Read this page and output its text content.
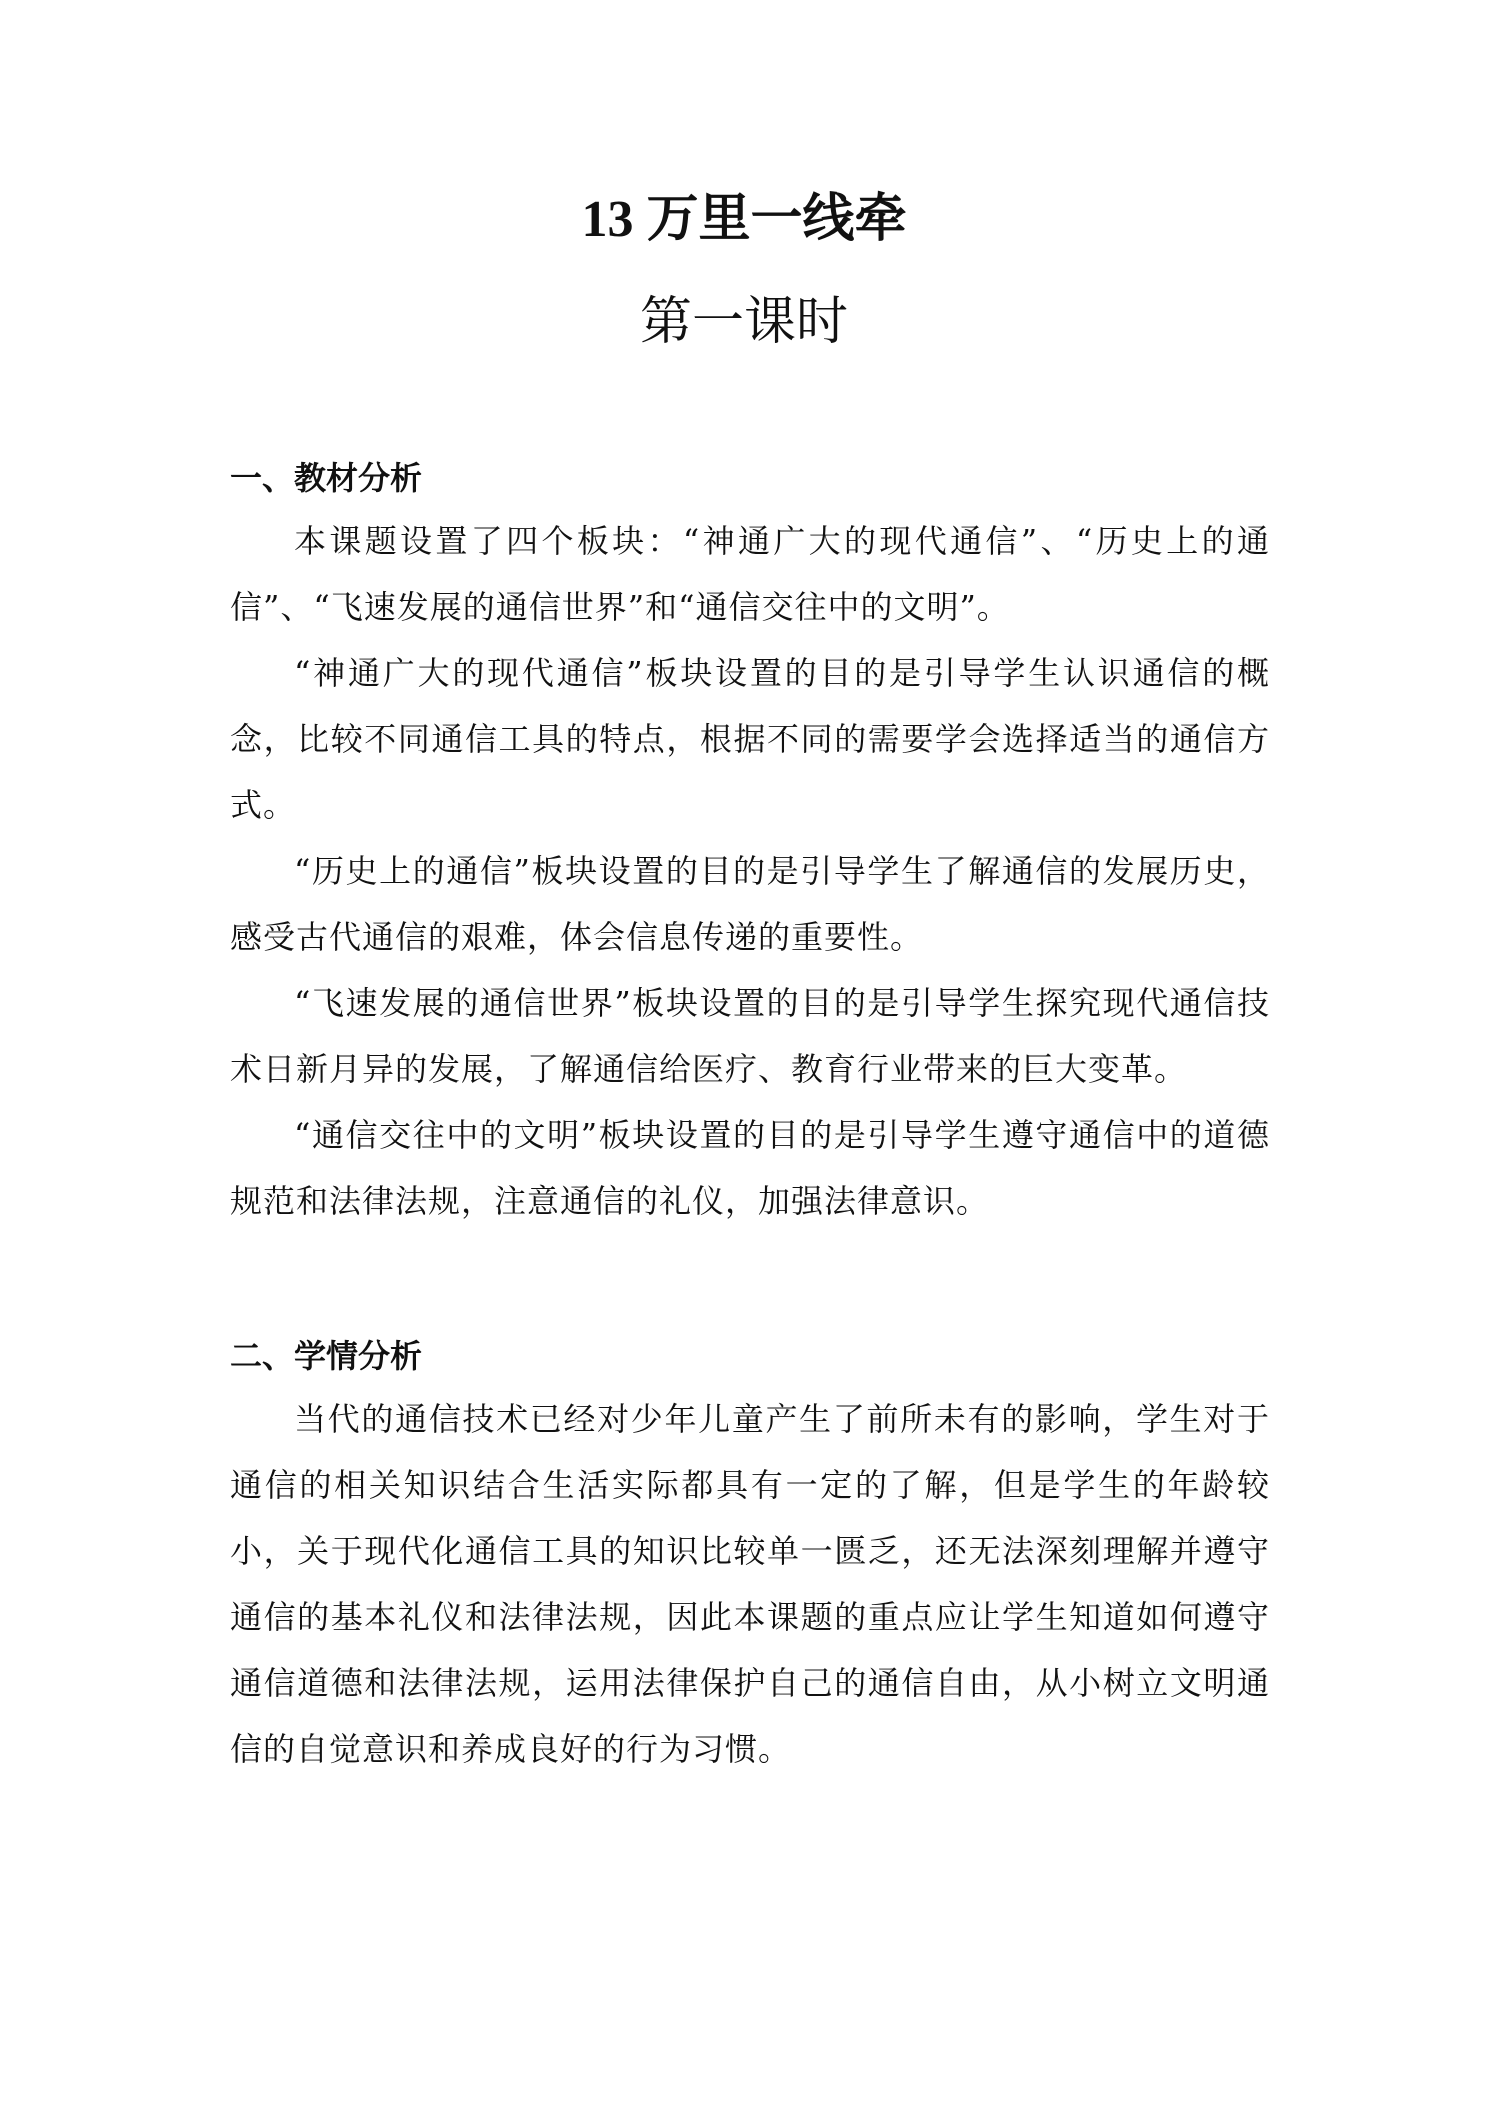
13 万里一线牵
第一课时
一、教材分析

本课题设置了四个板块：“神通广大的现代通信”、“历史上的通信”、“飞速发展的通信世界”和“通信交往中的文明”。

“神通广大的现代通信”板块设置的目的是引导学生认识通信的概念，比较不同通信工具的特点，根据不同的需要学会选择适当的通信方式。

“历史上的通信”板块设置的目的是引导学生了解通信的发展历史，感受古代通信的艰难，体会信息传递的重要性。

“飞速发展的通信世界”板块设置的目的是引导学生探究现代通信技术日新月异的发展，了解通信给医疗、教育行业带来的巨大变革。

“通信交往中的文明”板块设置的目的是引导学生遵守通信中的道德规范和法律法规，注意通信的礼仪，加强法律意识。

二、学情分析

当代的通信技术已经对少年儿童产生了前所未有的影响，学生对于通信的相关知识结合生活实际都具有一定的了解，但是学生的年龄较小，关于现代化通信工具的知识比较单一匮乏，还无法深刻理解并遵守通信的基本礼仪和法律法规，因此本课题的重点应让学生知道如何遵守通信道德和法律法规，运用法律保护自己的通信自由，从小树立文明通信的自觉意识和养成良好的行为习惯。
